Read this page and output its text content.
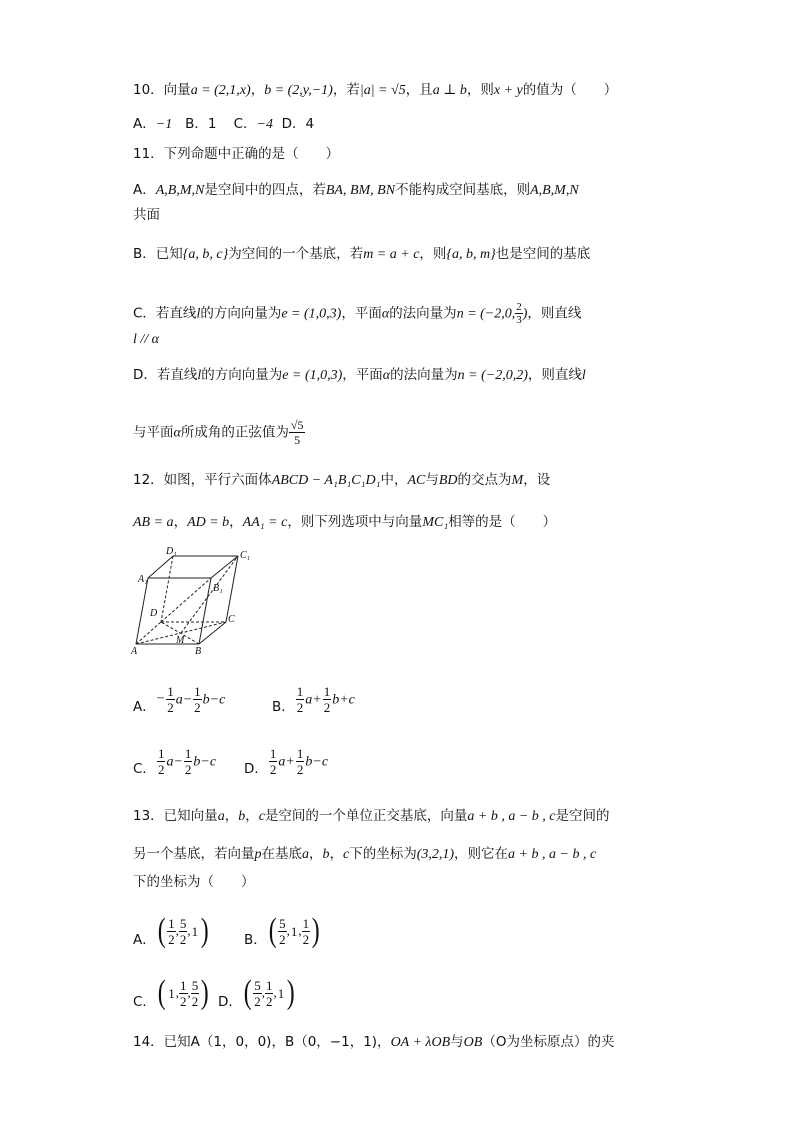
10．向量a = (2,1,x)，b = (2,y,−1)，若|a| = √5，且a ⊥ b，则x + y的值为（　　）
A．−1 B．1 C．−4 D．4
11．下列命题中正确的是（　　）
A．A,B,M,N是空间中的四点，若BA, BM, BN不能构成空间基底，则A,B,M,N
共面
B．已知{a, b, c}为空间的一个基底，若m = a + c，则{a, b, m}也是空间的基底
C．若直线l的方向向量为e = (1,0,3)，平面α的法向量为n = (−2,0, $\frac{2}{3}$ )，则直线
l // α
D．若直线l的方向向量为e = (1,0,3)，平面α的法向量为n = (−2,0,2)，则直线l
与平面α所成角的正弦值为 $\frac{√5}{5}$
12．如图，平行六面体ABCD − A₁B₁C₁D₁中，AC与BD的交点为M，设
AB = a，AD = b，AA₁ = c，则下列选项中与向量MC₁相等的是（　　）
D₁	C₁
A₁
B₁
D
C
M
A	B
A．− $\frac{1}{2} a- \frac{1}{2} b-c$	B． $\frac{1}{2} a+ \frac{1}{2} b+c$
C． $\frac{1}{2} a- \frac{1}{2} b-c$ D． $\frac{1}{2} a+ \frac{1}{2} b-c$
13．已知向量a，b，c是空间的一个单位正交基底，向量a + b , a − b , c是空间的
另一个基底，若向量p在基底a，b，c下的坐标为(3,2,1)，则它在a + b , a − b , c
下的坐标为（　　）
A．( $\frac{1}{2}$ , $\frac{5}{2}$ , 1 )	B．( $\frac{5}{2}$ , 1 , $\frac{1}{2}$ )
C．( 1 , $\frac{1}{2}$ , $\frac{5}{2}$ ) D．( $\frac{5}{2}$ , $\frac{1}{2}$ , 1 )
14．已知A（1，0，0)，B（0，−1，1)，OA + λOB与OB（O为坐标原点）的夹
